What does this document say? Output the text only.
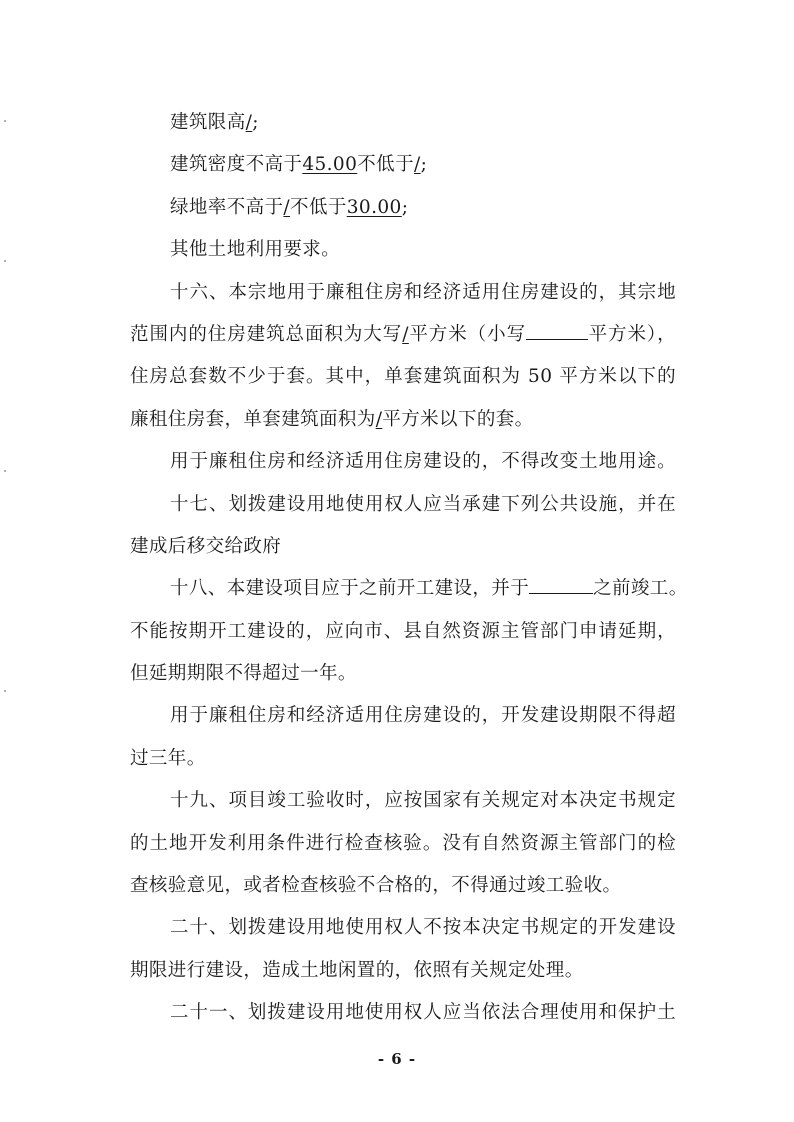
建筑限高/;
建筑密度不高于45.00不低于/;
绿地率不高于/不低于30.00;
其他土地利用要求。
十六、本宗地用于廉租住房和经济适用住房建设的，其宗地
范围内的住房建筑总面积为大写/平方米（小写	平方米），
住房总套数不少于套。其中，单套建筑面积为 50 平方米以下的
廉租住房套，单套建筑面积为/平方米以下的套。
用于廉租住房和经济适用住房建设的，不得改变土地用途。
十七、划拨建设用地使用权人应当承建下列公共设施，并在
建成后移交给政府
十八、本建设项目应于之前开工建设，并于	之前竣工。
不能按期开工建设的，应向市、县自然资源主管部门申请延期，
但延期期限不得超过一年。
用于廉租住房和经济适用住房建设的，开发建设期限不得超
过三年。
十九、项目竣工验收时，应按国家有关规定对本决定书规定
的土地开发利用条件进行检查核验。没有自然资源主管部门的检
查核验意见，或者检查核验不合格的，不得通过竣工验收。
二十、划拨建设用地使用权人不按本决定书规定的开发建设
期限进行建设，造成土地闲置的，依照有关规定处理。
二十一、划拨建设用地使用权人应当依法合理使用和保护土
- 6 -
